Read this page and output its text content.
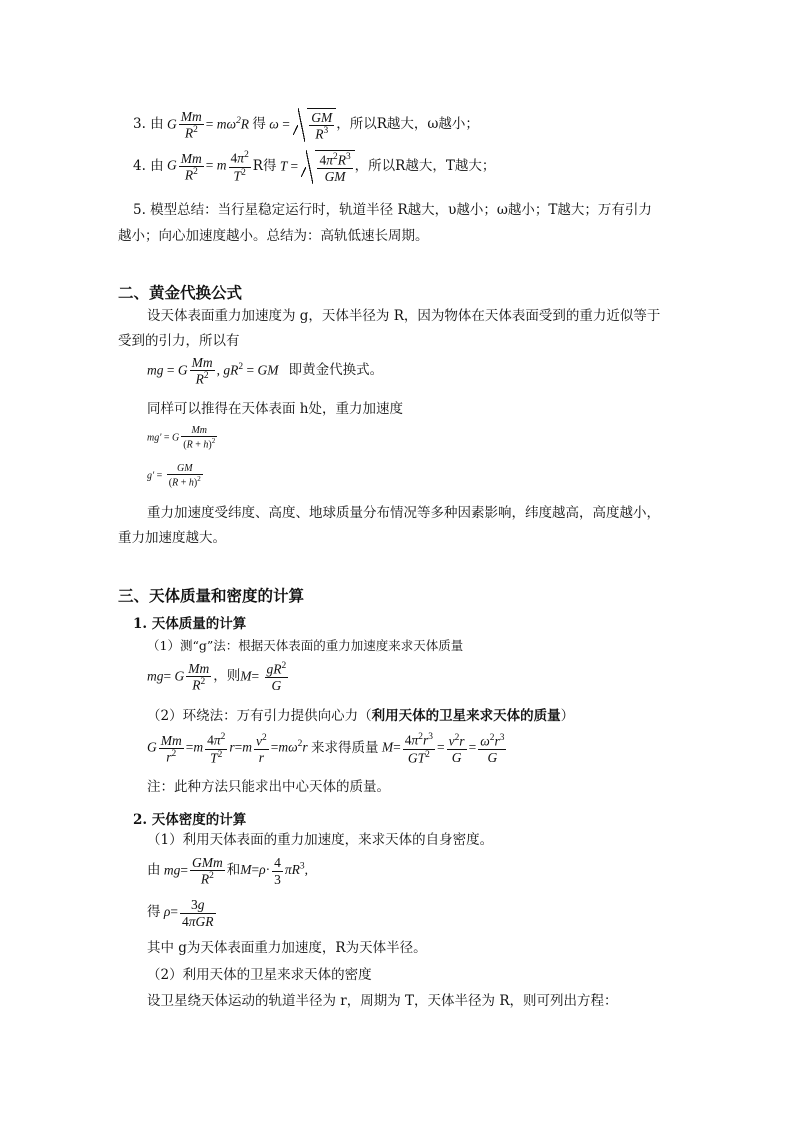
3. 由 G $\frac{Mm}{R^2} = m\omega^2R$ 得 $\omega = \frac{GM}{R^3}$ ，所以R越大，ω越小；
4. 由 G $\frac{Mm}{R^2} = m \frac{4\pi^2}{T^2}$ R得 $T = \frac{4\pi^2R^3}{GM}$ ，所以R越大，T越大；
5. 模型总结：当行星稳定运行时，轨道半径 R越大，υ越小；ω越小；T越大；万有引力
越小；向心加速度越小。总结为：高轨低速长周期。
二、黄金代换公式
设天体表面重力加速度为 g，天体半径为 R，因为物体在天体表面受到的重力近似等于
受到的引力，所以有
mg = G $\frac{Mm}{R^2}$ , $gR^2$ = GM 即黄金代换式。
同样可以推得在天体表面 h处，重力加速度
mg' = G $\frac{Mm}{(R + h)^2}$
$g' = \frac{GM}{(R + h)^2}$
重力加速度受纬度、高度、地球质量分布情况等多种因素影响，纬度越高，高度越小，
重力加速度越大。
三、天体质量和密度的计算
1. 天体质量的计算
（1）测“g”法：根据天体表面的重力加速度来求天体质量
mg= G $\frac{Mm}{R^2}$ ，则 $M= \frac{gR^2}{G}$
（2）环绕法：万有引力提供向心力（利用天体的卫星来求天体的质量）
G $\frac{Mm}{r^2} =m \frac{4\pi^2}{T^2} r=m \frac{v^2}{r} =m\omega^2r$ 来求得质量 $M= \frac{4\pi^2r^3}{GT^2} = \frac{v^2r}{G} = \frac{\omega^2r^3}{G}$
注：此种方法只能求出中心天体的质量。
2. 天体密度的计算
（1）利用天体表面的重力加速度，来求天体的自身密度。
由 $mg= \frac{\text{GMm}}{R^2}$ 和 $M=\rho\cdot \frac{4}{3} \pi R^3$,
得 $\rho= \frac{3g}{\text{4πGR}}$
其中 g为天体表面重力加速度，R为天体半径。
（2）利用天体的卫星来求天体的密度
设卫星绕天体运动的轨道半径为 r，周期为 T，天体半径为 R，则可列出方程：
